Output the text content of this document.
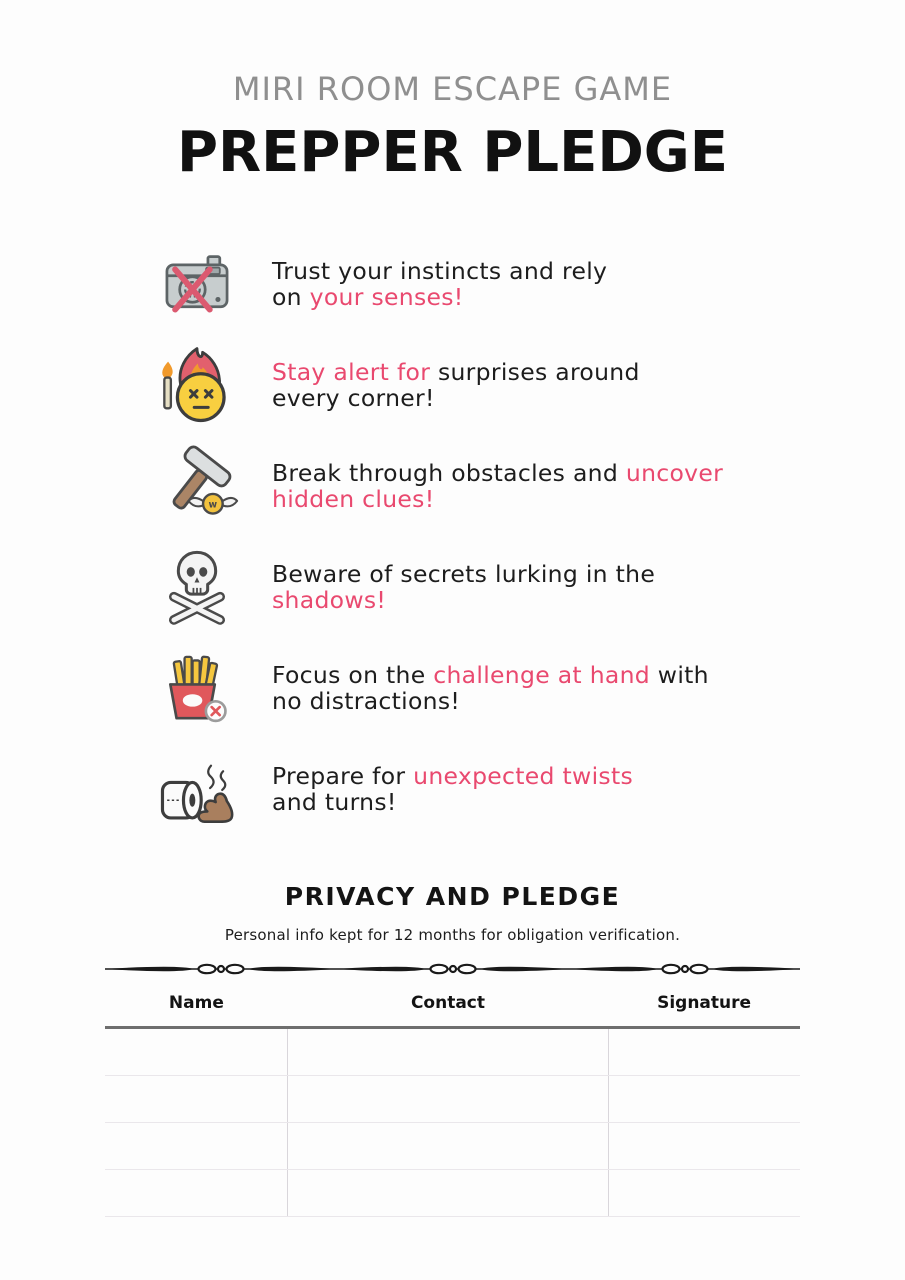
MIRI ROOM ESCAPE GAME
PREPPER PLEDGE
Trust your instincts and rely
on your senses!
Stay alert for surprises around
every corner!
w
Break through obstacles and uncover
hidden clues!
Beware of secrets lurking in the
shadows!
Focus on the challenge at hand with
no distractions!
Prepare for unexpected twists
and turns!
PRIVACY AND PLEDGE
Personal info kept for 12 months for obligation verification.
Name	Contact	Signature
